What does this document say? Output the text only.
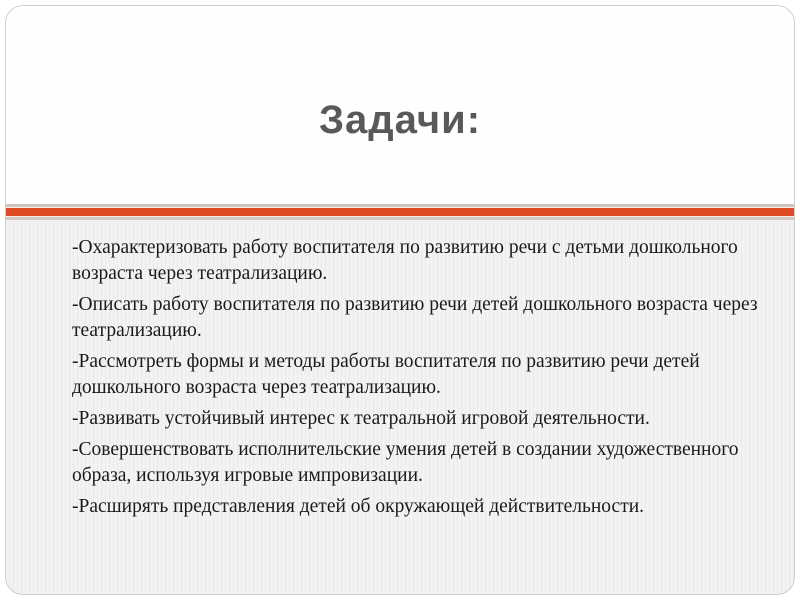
Задачи:
-Охарактеризовать работу воспитателя по развитию речи с детьми дошкольного возраста через театрализацию.
-Описать работу воспитателя по развитию речи детей дошкольного возраста через театрализацию.
-Рассмотреть формы и методы работы воспитателя по развитию речи детей дошкольного возраста через театрализацию.
-Развивать устойчивый интерес к театральной игровой деятельности.
-Совершенствовать исполнительские умения детей в создании художественного образа, используя игровые импровизации.
-Расширять представления детей об окружающей действительности.
